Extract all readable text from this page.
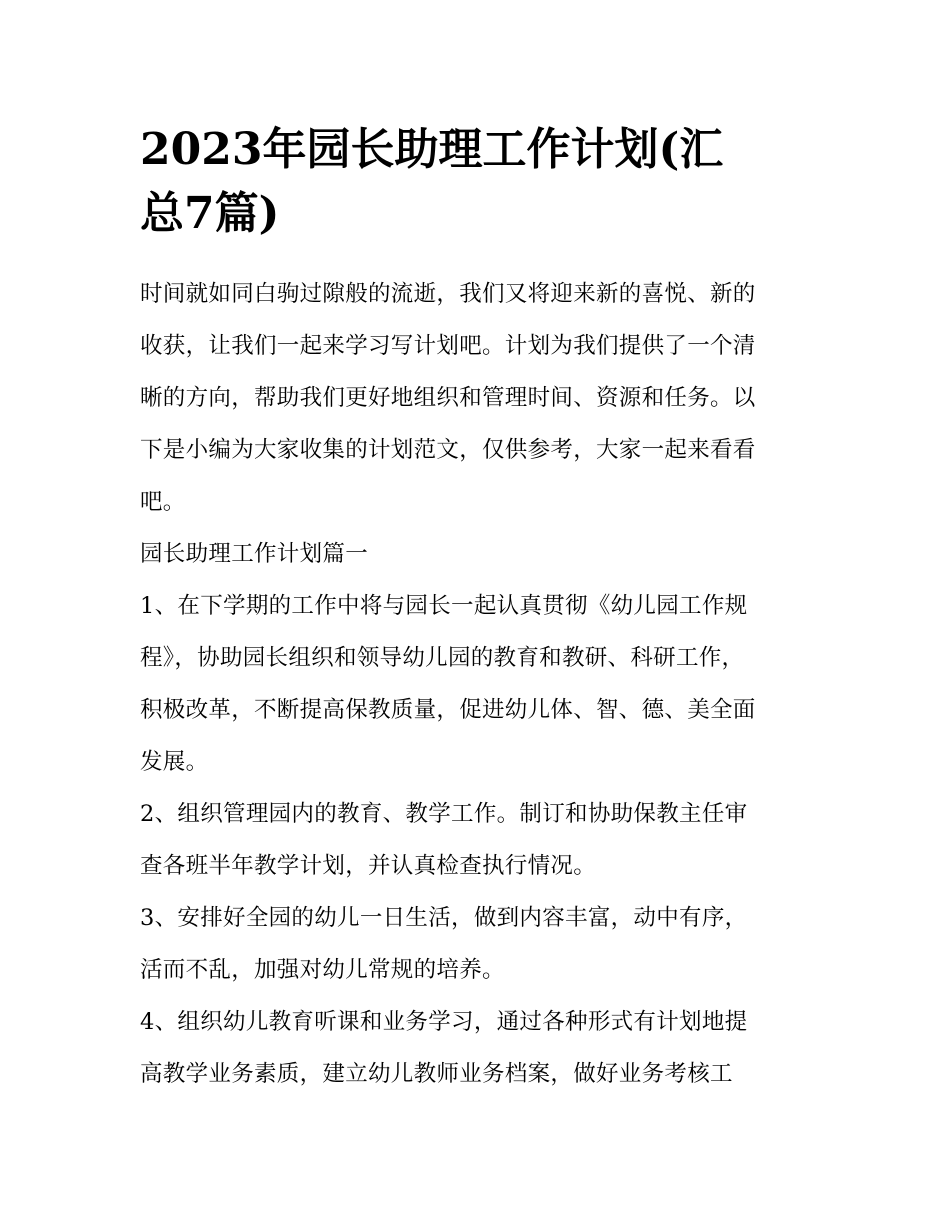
2023年园长助理工作计划(汇
总7篇)

时间就如同白驹过隙般的流逝，我们又将迎来新的喜悦、新的
收获，让我们一起来学习写计划吧。计划为我们提供了一个清
晰的方向，帮助我们更好地组织和管理时间、资源和任务。以
下是小编为大家收集的计划范文，仅供参考，大家一起来看看
吧。

园长助理工作计划篇一

1、在下学期的工作中将与园长一起认真贯彻《幼儿园工作规
程》，协助园长组织和领导幼儿园的教育和教研、科研工作，
积极改革，不断提高保教质量，促进幼儿体、智、德、美全面
发展。

2、组织管理园内的教育、教学工作。制订和协助保教主任审
查各班半年教学计划，并认真检查执行情况。

3、安排好全园的幼儿一日生活，做到内容丰富，动中有序，
活而不乱，加强对幼儿常规的培养。

4、组织幼儿教育听课和业务学习，通过各种形式有计划地提
高教学业务素质，建立幼儿教师业务档案，做好业务考核工
